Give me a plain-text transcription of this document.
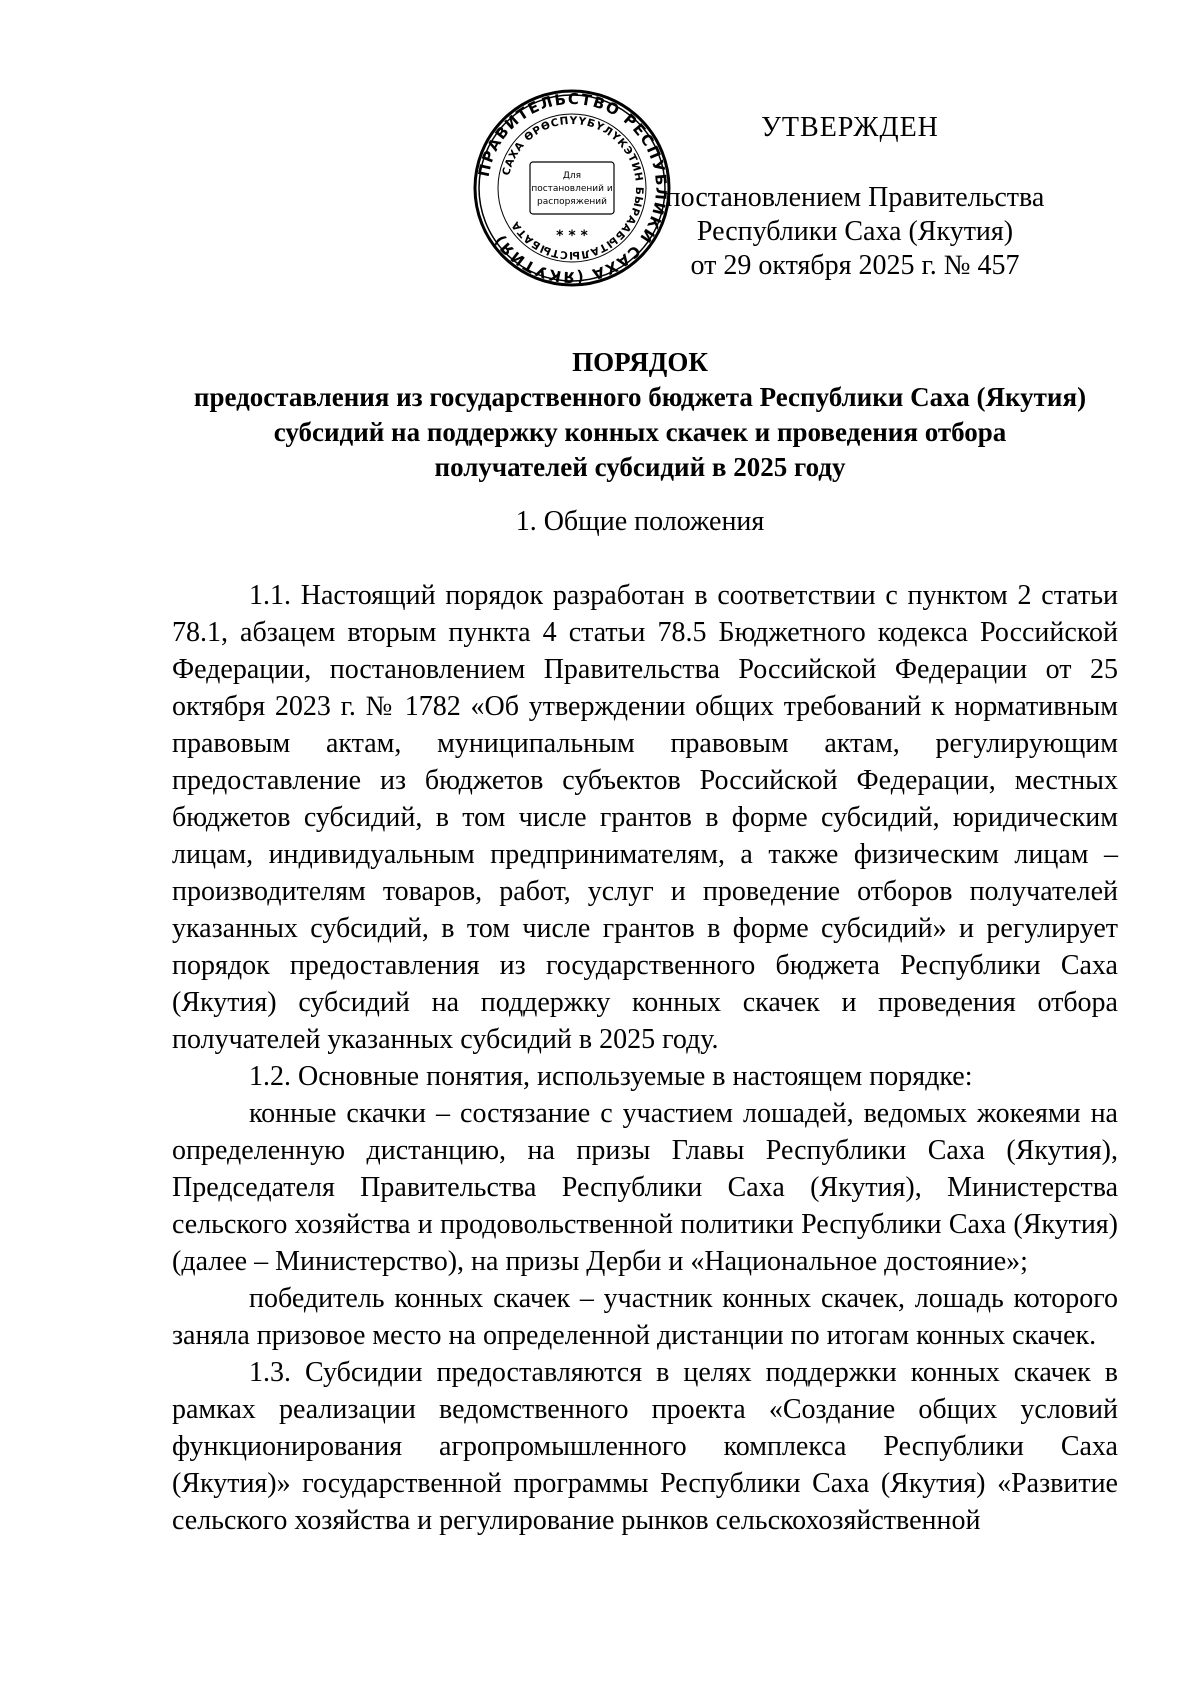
ПРАВИТЕЛЬСТВО РЕСПУБЛИКИ САХА (ЯКУТИЯ)
САХА ӨРӨСПҮҮБҮЛҮКЭТИН БЫРААБЫТАЛЫСТЫБАТА
Для
постановлений и
распоряжений
* * *
УТВЕРЖДЕН
постановлением Правительства
Республики Саха (Якутия)
от 29 октября 2025 г. № 457
ПОРЯДОК
предоставления из государственного бюджета Республики Саха (Якутия)
субсидий на поддержку конных скачек и проведения отбора
получателей субсидий в 2025 году
1. Общие положения

1.1. Настоящий порядок разработан в соответствии с пунктом 2 статьи 78.1, абзацем вторым пункта 4 статьи 78.5 Бюджетного кодекса Российской Федерации, постановлением Правительства Российской Федерации от 25 октября 2023 г. № 1782 «Об утверждении общих требований к нормативным правовым актам, муниципальным правовым актам, регулирующим предоставление из бюджетов субъектов Российской Федерации, местных бюджетов субсидий, в том числе грантов в форме субсидий, юридическим лицам, индивидуальным предпринимателям, а также физическим лицам – производителям товаров, работ, услуг и проведение отборов получателей указанных субсидий, в том числе грантов в форме субсидий» и регулирует порядок предоставления из государственного бюджета Республики Саха (Якутия) субсидий на поддержку конных скачек и проведения отбора получателей указанных субсидий в 2025 году.

1.2. Основные понятия, используемые в настоящем порядке:

конные скачки – состязание с участием лошадей, ведомых жокеями на определенную дистанцию, на призы Главы Республики Саха (Якутия), Председателя Правительства Республики Саха (Якутия), Министерства сельского хозяйства и продовольственной политики Республики Саха (Якутия) (далее – Министерство), на призы Дерби и «Национальное достояние»;

победитель конных скачек – участник конных скачек, лошадь которого заняла призовое место на определенной дистанции по итогам конных скачек.

1.3. Субсидии предоставляются в целях поддержки конных скачек в рамках реализации ведомственного проекта «Создание общих условий функционирования агропромышленного комплекса Республики Саха (Якутия)» государственной программы Республики Саха (Якутия) «Развитие сельского хозяйства и регулирование рынков сельскохозяйственной
